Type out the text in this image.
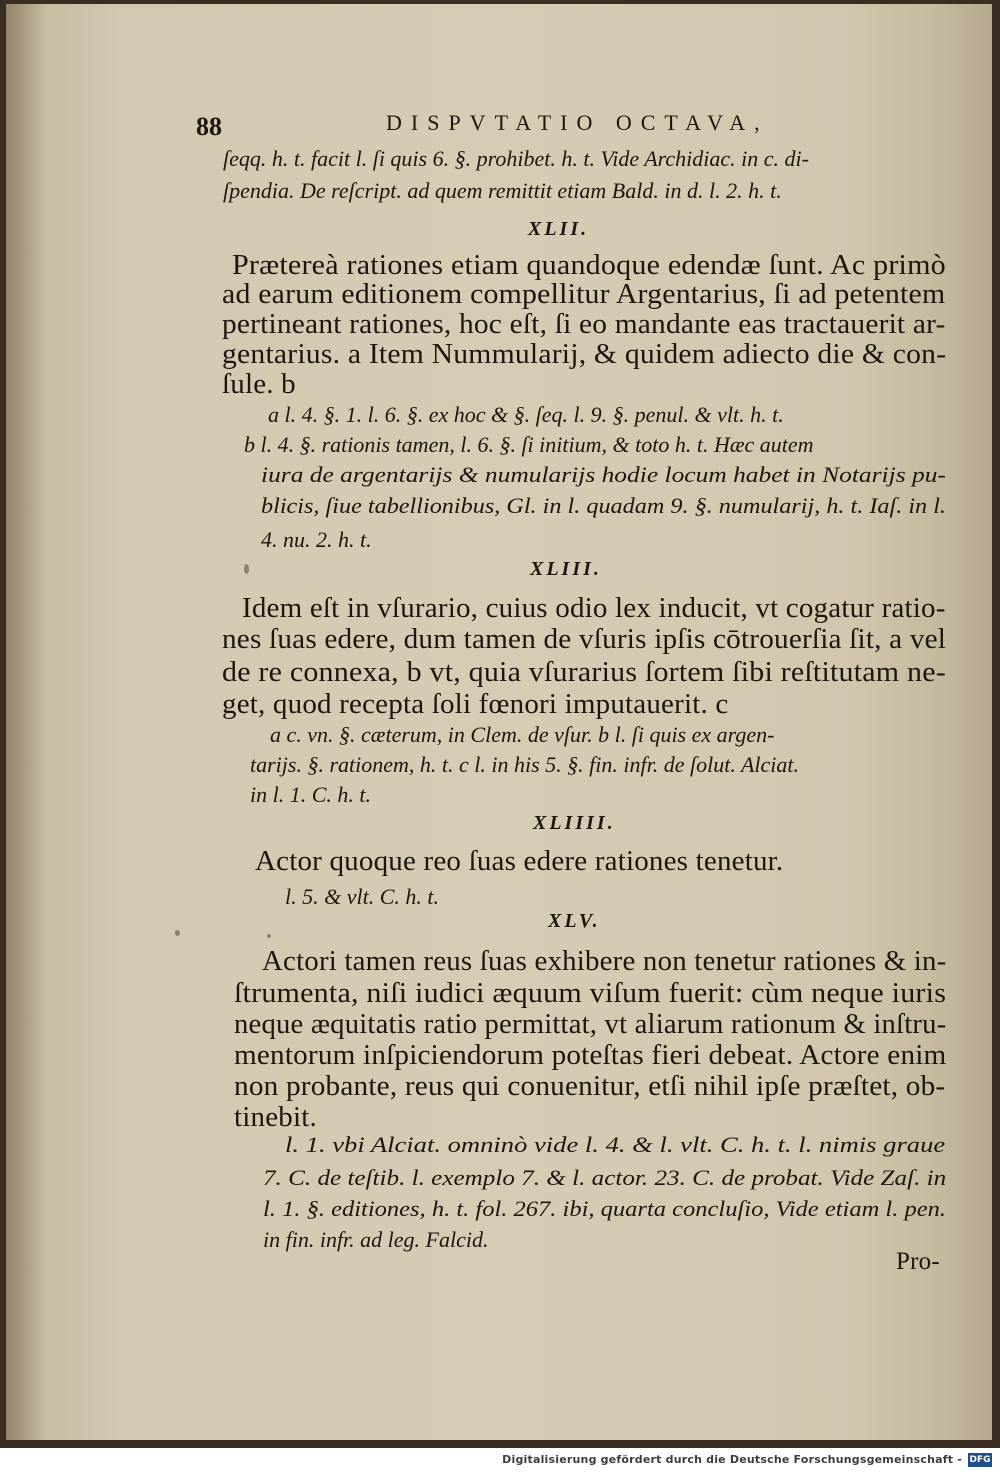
88	DISPVTATIO OCTAVA,
ſeqq. h. t. facit l. ſi quis 6. §. prohibet. h. t. Vide Archidiac. in c. di-
ſpendia. De reſcript. ad quem remittit etiam Bald. in d. l. 2. h. t.
XLII.
Prætereà rationes etiam quandoque edendæ ſunt. Ac primò
ad earum editionem compellitur Argentarius, ſi ad petentem
pertineant rationes, hoc eſt, ſi eo mandante eas tractauerit ar-
gentarius. a Item Nummularij, & quidem adiecto die & con-
ſule. b
a l. 4. §. 1. l. 6. §. ex hoc & §. ſeq. l. 9. §. penul. & vlt. h. t.
b l. 4. §. rationis tamen, l. 6. §. ſi initium, & toto h. t. Hæc autem
iura de argentarijs & numularijs hodie locum habet in Notarijs pu-
blicis, ſiue tabellionibus, Gl. in l. quadam 9. §. numularij, h. t. Iaſ. in l.
4. nu. 2. h. t.
XLIII.
Idem eſt in vſurario, cuius odio lex inducit, vt cogatur ratio-
nes ſuas edere, dum tamen de vſuris ipſis cōtrouerſia ſit, a vel
de re connexa, b vt, quia vſurarius ſortem ſibi reſtitutam ne-
get, quod recepta ſoli fœnori imputauerit. c
a c. vn. §. cæterum, in Clem. de vſur. b l. ſi quis ex argen-
tarijs. §. rationem, h. t. c l. in his 5. §. fin. infr. de ſolut. Alciat.
in l. 1. C. h. t.
XLIIII.
Actor quoque reo ſuas edere rationes tenetur.
l. 5. & vlt. C. h. t.
XLV.
Actori tamen reus ſuas exhibere non tenetur rationes & in-
ſtrumenta, niſi iudici æquum viſum fuerit: cùm neque iuris
neque æquitatis ratio permittat, vt aliarum rationum & inſtru-
mentorum inſpiciendorum poteſtas fieri debeat. Actore enim
non probante, reus qui conuenitur, etſi nihil ipſe præſtet, ob-
tinebit.
l. 1. vbi Alciat. omninò vide l. 4. & l. vlt. C. h. t. l. nimis graue
7. C. de teſtib. l. exemplo 7. & l. actor. 23. C. de probat. Vide Zaſ. in
l. 1. §. editiones, h. t. fol. 267. ibi, quarta concluſio, Vide etiam l. pen.
in fin. infr. ad leg. Falcid.
Pro-
Digitalisierung gefördert durch die Deutsche Forschungsgemeinschaft - DFG
